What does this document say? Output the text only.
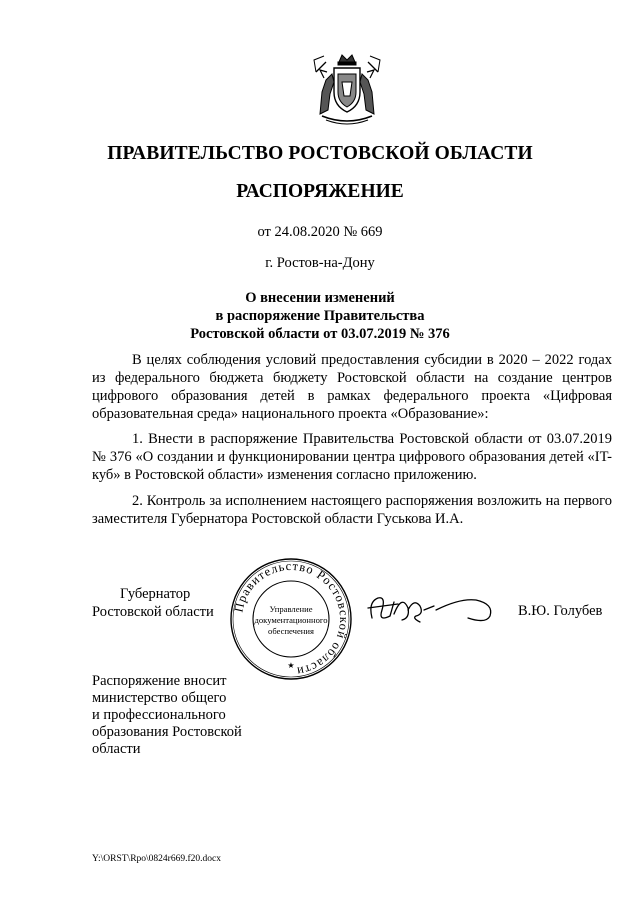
ПРАВИТЕЛЬСТВО РОСТОВСКОЙ ОБЛАСТИ
РАСПОРЯЖЕНИЕ
от 24.08.2020 № 669
г. Ростов-на-Дону
О внесении изменений
в распоряжение Правительства
Ростовской области от 03.07.2019 № 376

В целях соблюдения условий предоставления субсидии в 2020 – 2022 годах из федерального бюджета бюджету Ростовской области на создание центров цифрового образования детей в рамках федерального проекта «Цифровая образовательная среда» национального проекта «Образование»:

1. Внести в распоряжение Правительства Ростовской области от 03.07.2019 № 376 «О создании и функционировании центра цифрового образования детей «IT-куб» в Ростовской области» изменения согласно приложению.

2. Контроль за исполнением настоящего распоряжения возложить на первого заместителя Губернатора Ростовской области Гуськова И.А.

Губернатор
Ростовской области	Правительство Ростовской области
Управление
документационного
обеспечения
★
В.Ю. Голубев
Распоряжение вносит
министерство общего
и профессионального
образования Ростовской
области
Y:\ORST\Rpo\0824r669.f20.docx
